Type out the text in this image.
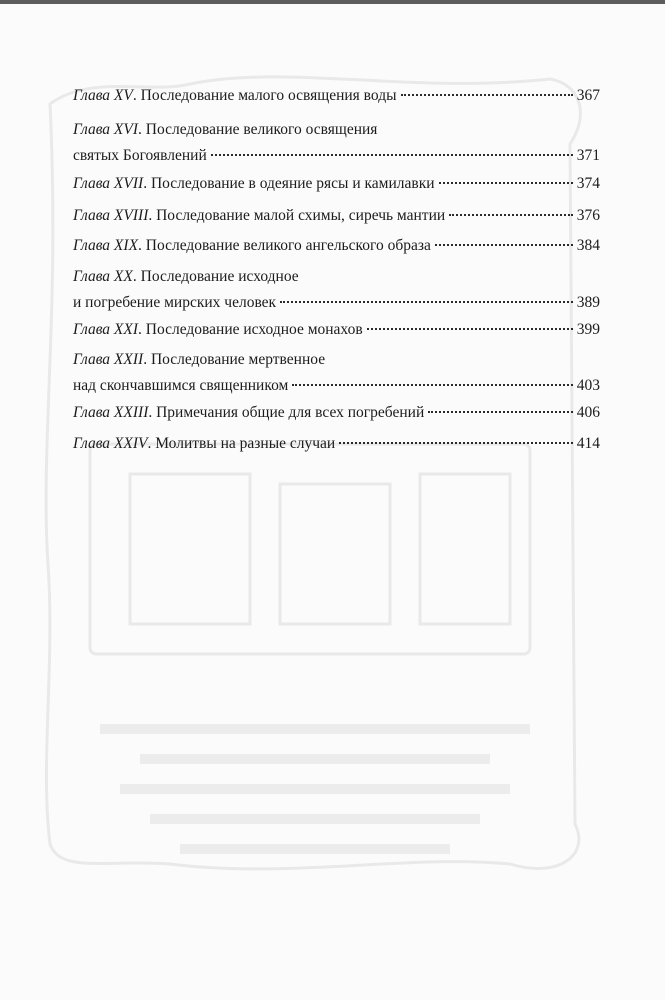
Глава XV . Последование малого освящения воды	367
Глава XVI . Последование великого освящения
святых Богоявлений	371
Глава XVII . Последование в одеяние рясы и камилавки	374
Глава XVIII . Последование малой схимы, сиречь мантии	376
Глава XIX . Последование великого ангельского образа	384
Глава XX . Последование исходное
и погребение мирских человек	389
Глава XXI . Последование исходное монахов	399
Глава XXII . Последование мертвенное
над скончавшимся священником	403
Глава XXIII . Примечания общие для всех погребений	406
Глава XXIV . Молитвы на разные случаи	414
